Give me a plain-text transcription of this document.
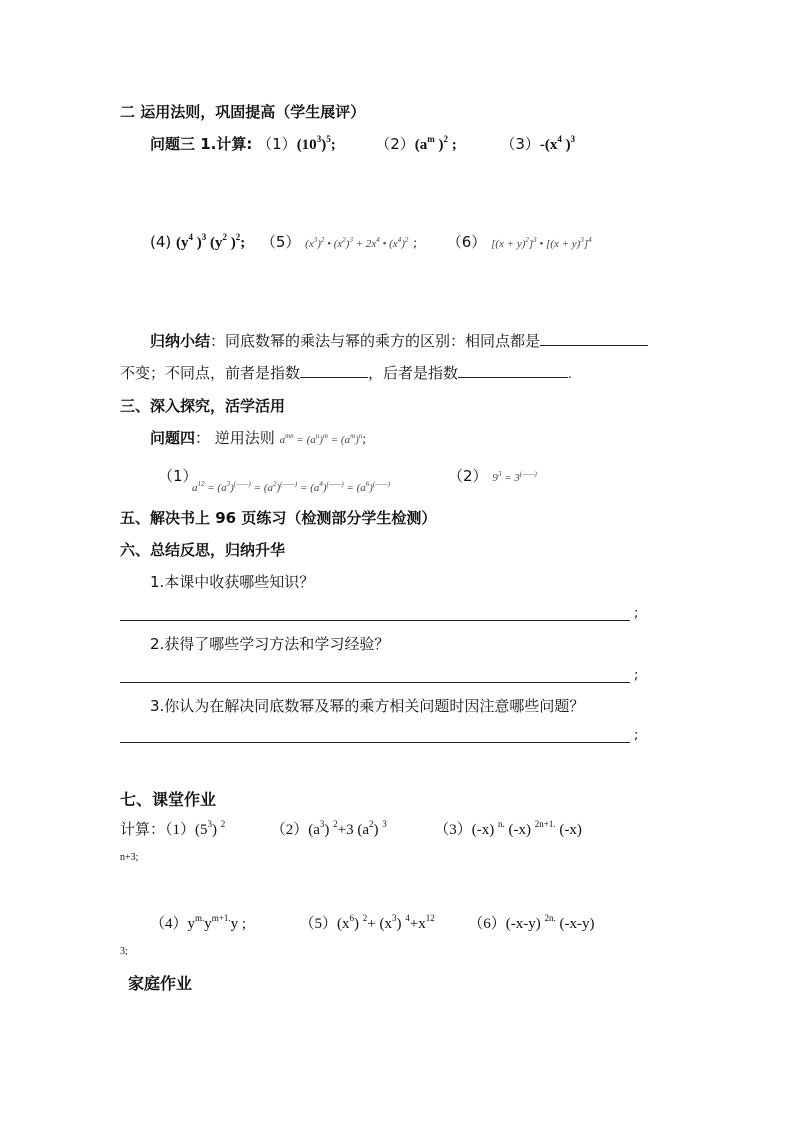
二 运用法则，巩固提高（学生展评）
问题三 1.计算: $(1)(10^3)^5$;	$(2)(a^m$ )$^2$ ;	$(3)-(x^4$ )$^3$
(4) ($y^4$ )$^3$ ($y^2$ )$^2$; （5） $(x^3)^2$ • $(x^2)^3 + 2x^4$ • $(x^4)^2$ ; （6） $[(x + y)^2]^3$ • $[(x + y)^3]^4$
归纳小结：同底数幂的乘法与幂的乘方的区别：相同点都是
不变；不同点，前者是指数	，后者是指数	.
三、深入探究，活学活用
问题四： 逆用法则 $a^{mn} = (a^n)^m = (a^m)^n$;
（1）
$a^{12} = (a^3)^{(——)} = (a^2)^{(——)} = (a^4)^{(——)} = (a^6)^{(——)}$	（2） $9^3 = 3^{(——)}$
五、解决书上 96 页练习（检测部分学生检测）
六、总结反思，归纳升华
1.本课中收获哪些知识？
;
2.获得了哪些学习方法和学习经验？
;
3.你认为在解决同底数幂及幂的乘方相关问题时因注意哪些问题？
;
七、课堂作业
计算：$(1)(5^3)$ $^2$	$(2)(a^3)$ $^2$+3 $(a^2)$ $^3$	（3）(-x) $^{n.}$ (-x) $^{2n+1.}$ (-x)
n+3;
$(4)y^{m.}y^{m+1.}y$ ;	$(5)(x^6)$ $^2+ (x^3)$ $^4+x^{12}$ （6）(-x-y) $^{2n.}$ (-x-y)
3;
家庭作业
